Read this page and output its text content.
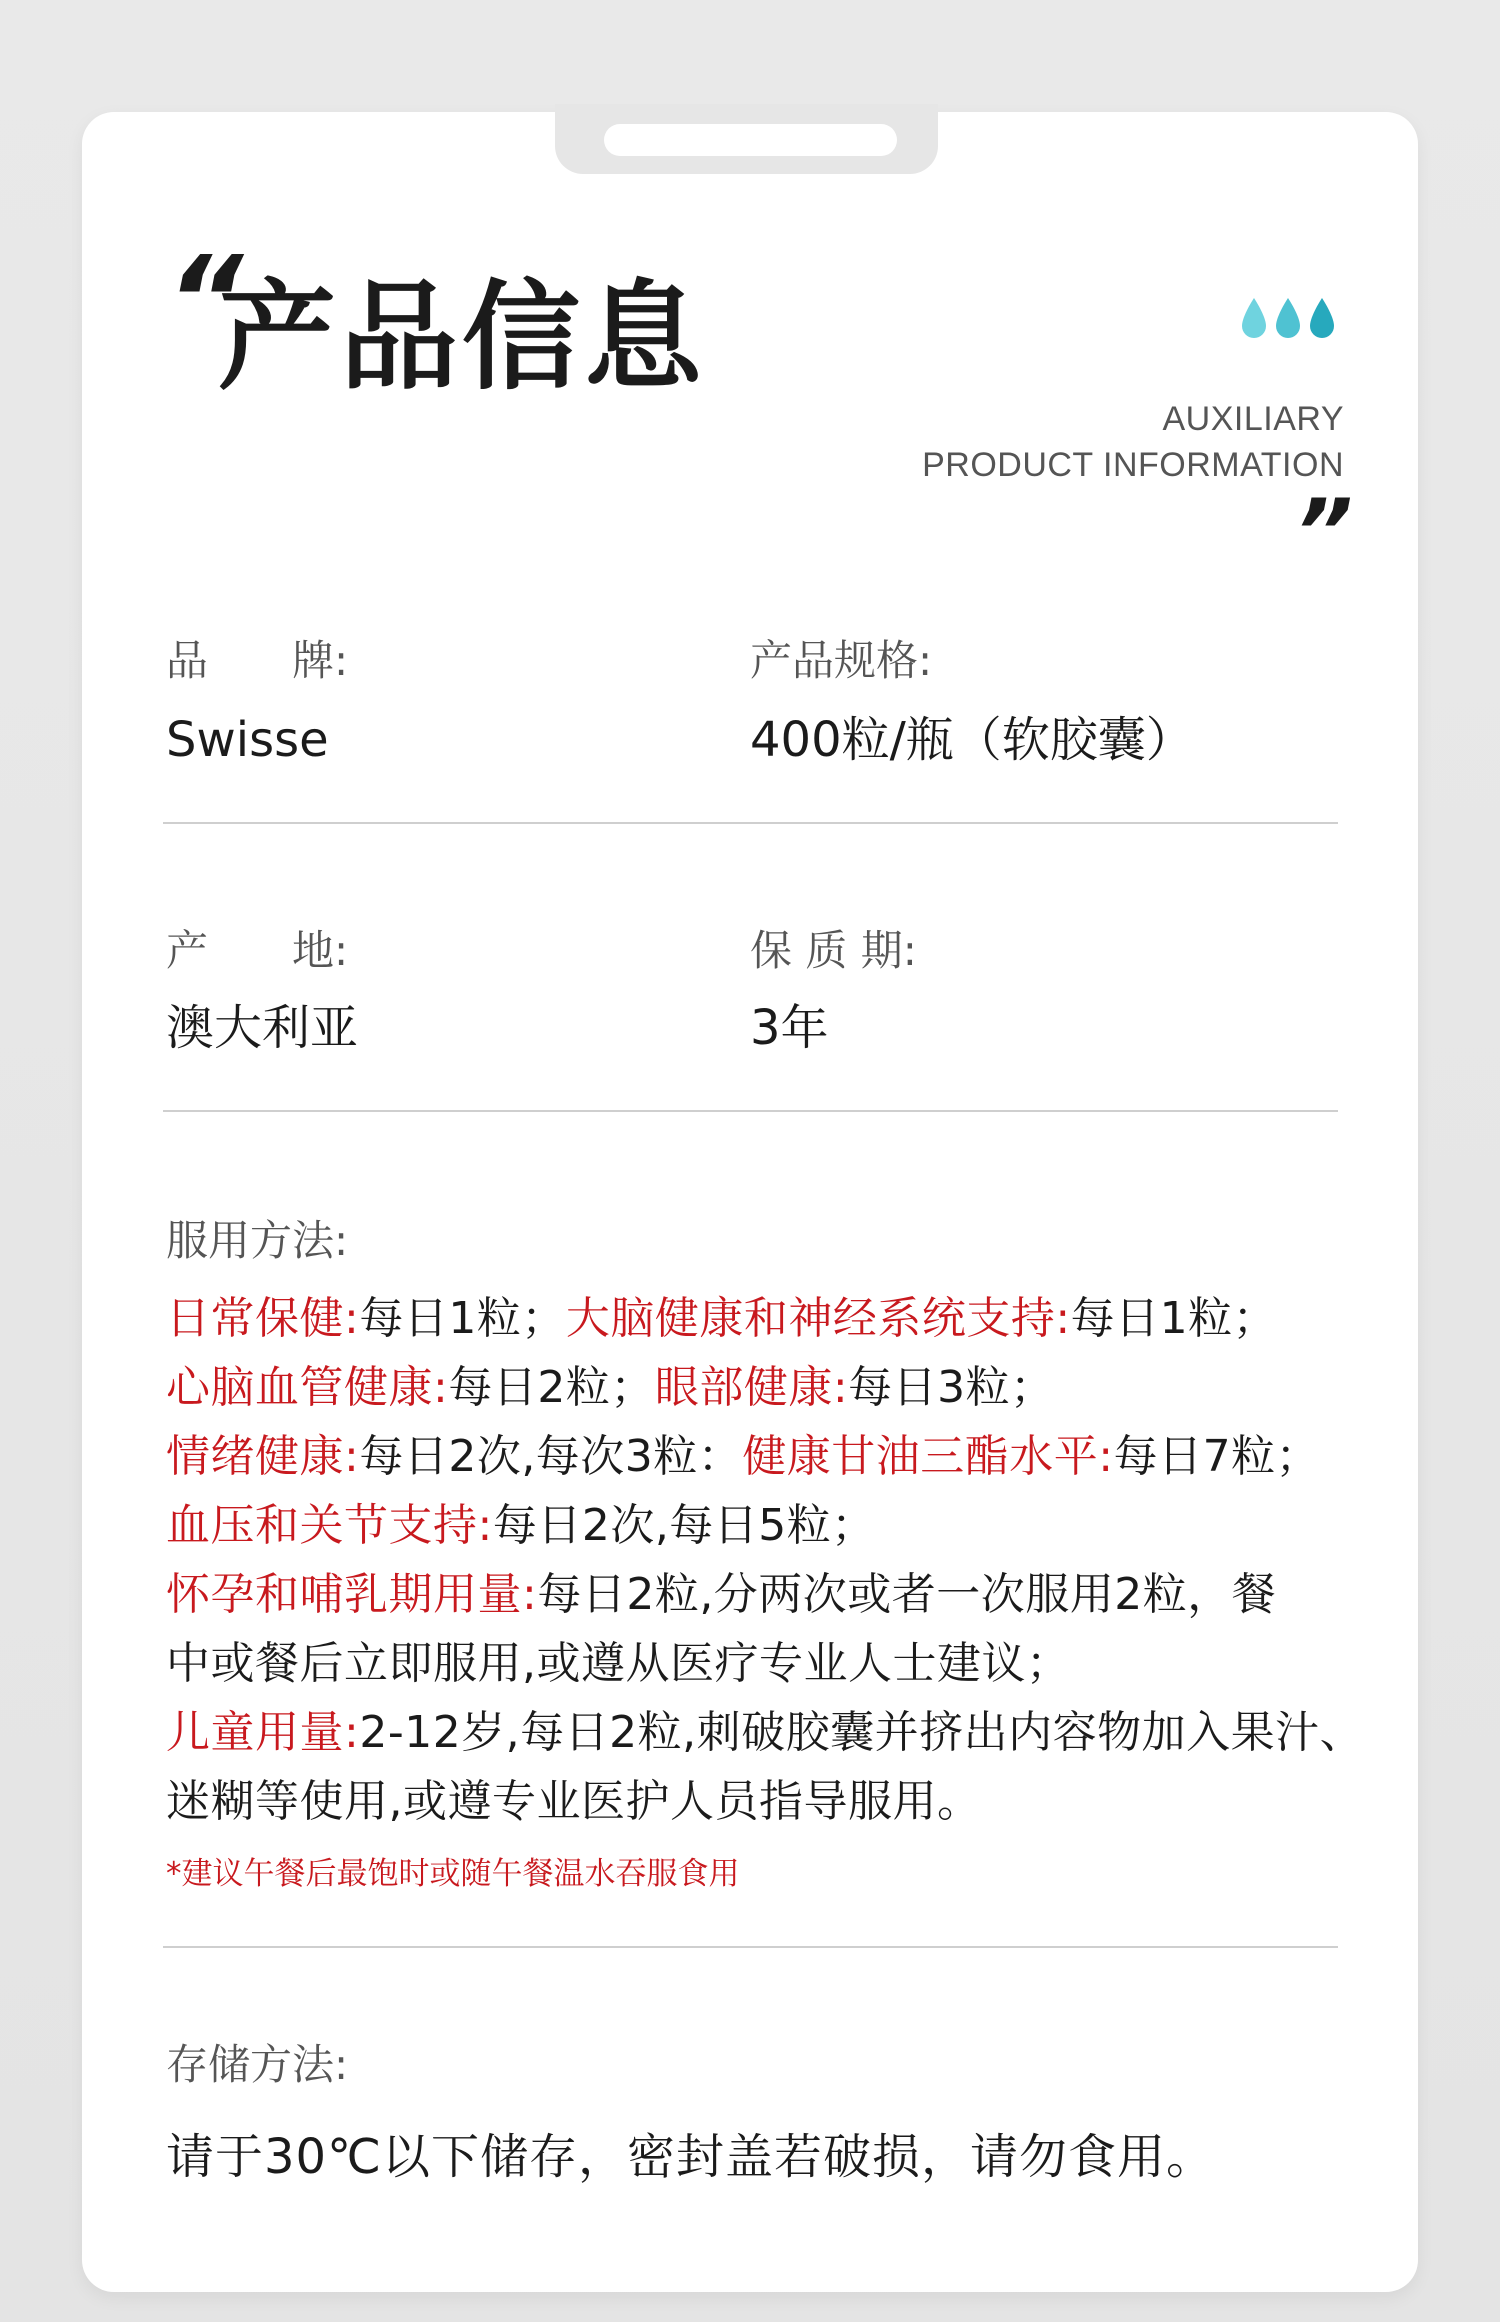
“
产品信息
AUXILIARY
PRODUCT INFORMATION
”
品　　牌:
Swisse
产品规格:
400粒/瓶（软胶囊）
产　　地:
澳大利亚
保 质 期:
3年
服用方法:
日常保健:每日1粒；大脑健康和神经系统支持:每日1粒；
心脑血管健康:每日2粒；眼部健康:每日3粒；
情绪健康:每日2次,每次3粒：健康甘油三酯水平:每日7粒；
血压和关节支持:每日2次,每日5粒；
怀孕和哺乳期用量:每日2粒,分两次或者一次服用2粒，餐
中或餐后立即服用,或遵从医疗专业人士建议；
儿童用量:2-12岁,每日2粒,刺破胶囊并挤出内容物加入果汁、
迷糊等使用,或遵专业医护人员指导服用。
*建议午餐后最饱时或随午餐温水吞服食用
存储方法:
请于30℃以下储存，密封盖若破损，请勿食用。
